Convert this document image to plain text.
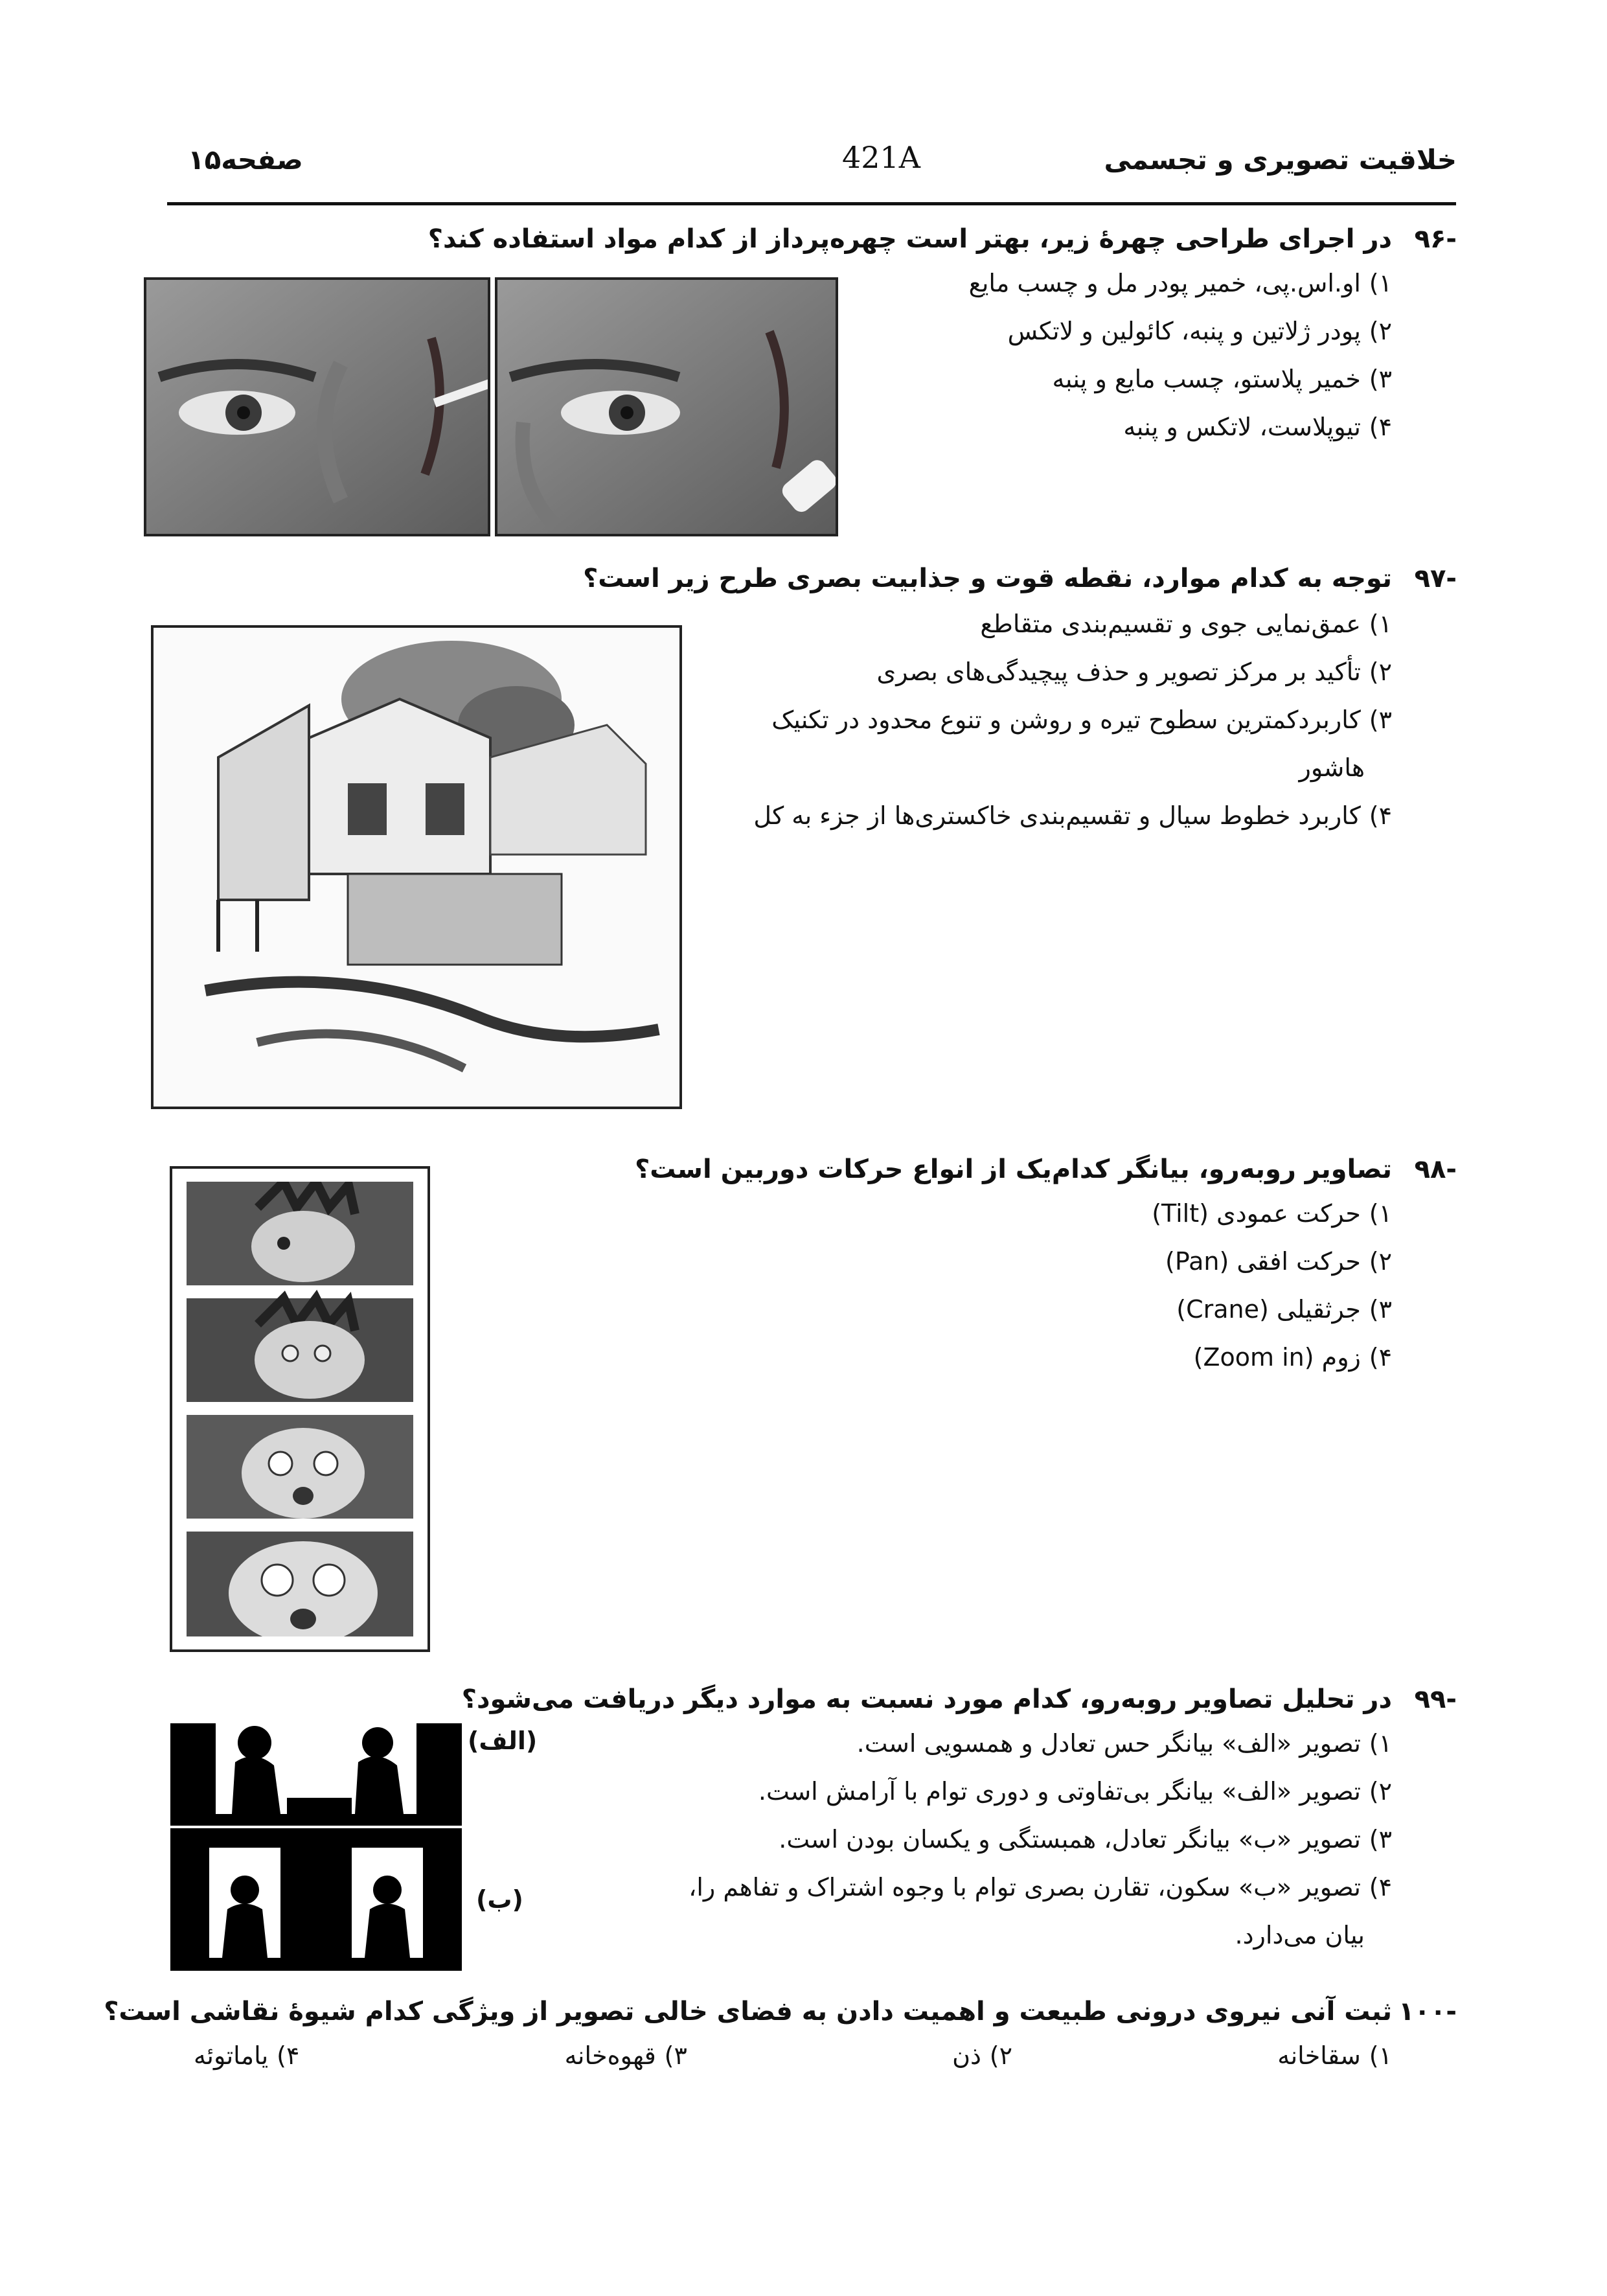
خلاقیت تصویری و تجسمی
421A
صفحه۱۵
-۹۶در اجرای طراحی چهرهٔ زیر، بهتر است چهره‌پرداز از کدام مواد استفاده کند؟
۱) او.اس.پی، خمیر پودر مل و چسب مایع
۲) پودر ژلاتین و پنبه، کائولین و لاتکس
۳) خمیر پلاستو، چسب مایع و پنبه
۴) تیوپلاست، لاتکس و پنبه
-۹۷توجه به کدام موارد، نقطه قوت و جذابیت بصری طرح زیر است؟
۱) عمق‌نمایی جوی و تقسیم‌بندی متقاطع
۲) تأکید بر مرکز تصویر و حذف پیچیدگی‌های بصری
۳) کاربردکمترین سطوح تیره و روشن و تنوع محدود در تکنیک
هاشور
۴) کاربرد خطوط سیال و تقسیم‌بندی خاکستری‌ها از جزء به کل
-۹۸تصاویر روبه‌رو، بیانگر کدام‌یک از انواع حرکات دوربین است؟
۱) حرکت عمودی (Tilt)
۲) حرکت افقی (Pan)
۳) جرثقیلی (Crane)
۴) زوم (Zoom in)
-۹۹در تحلیل تصاویر روبه‌رو، کدام مورد نسبت به موارد دیگر دریافت می‌شود؟
۱) تصویر «الف» بیانگر حس تعادل و همسویی است.
۲) تصویر «الف» بیانگر بی‌تفاوتی و دوری توام با آرامش است.
۳) تصویر «ب» بیانگر تعادل، همبستگی و یکسان بودن است.
۴) تصویر «ب» سکون، تقارن بصری توام با وجوه اشتراک و تفاهم را،
بیان می‌دارد.
(الف)
(ب)
-۱۰۰ثبت آنی نیروی درونی طبیعت و اهمیت دادن به فضای خالی تصویر از ویژگی کدام شیوهٔ نقاشی است؟
۱) سقاخانه
۲) ذن
۳) قهوه‌خانه
۴) یاماتوئه
